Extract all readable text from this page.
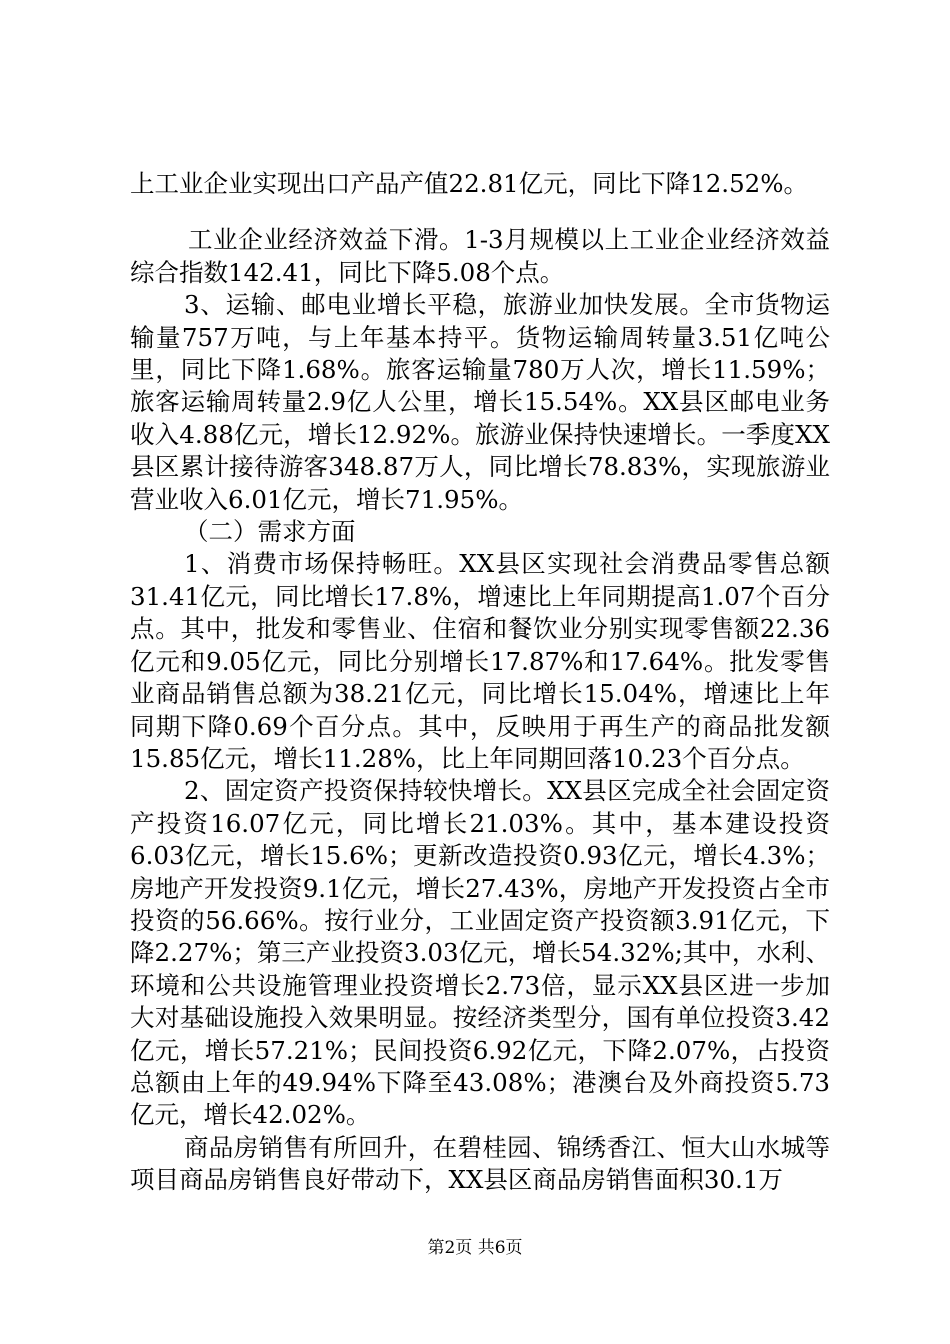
上工业企业实现出口产品产值22.81亿元，同比下降12.52%。

工业企业经济效益下滑。1-3月规模以上工业企业经济效益综合指数142.41，同比下降5.08个点。

3、运输、邮电业增长平稳，旅游业加快发展。全市货物运输量757万吨，与上年基本持平。货物运输周转量3.51亿吨公里，同比下降1.68%。旅客运输量780万人次，增长11.59%；旅客运输周转量2.9亿人公里，增长15.54%。XX县区邮电业务收入4.88亿元，增长12.92%。旅游业保持快速增长。一季度XX县区累计接待游客348.87万人，同比增长78.83%，实现旅游业营业收入6.01亿元，增长71.95%。

（二）需求方面

1、消费市场保持畅旺。XX县区实现社会消费品零售总额31.41亿元，同比增长17.8%，增速比上年同期提高1.07个百分点。其中，批发和零售业、住宿和餐饮业分别实现零售额22.36亿元和9.05亿元，同比分别增长17.87%和17.64%。批发零售业商品销售总额为38.21亿元，同比增长15.04%，增速比上年同期下降0.69个百分点。其中，反映用于再生产的商品批发额15.85亿元，增长11.28%，比上年同期回落10.23个百分点。

2、固定资产投资保持较快增长。XX县区完成全社会固定资产投资16.07亿元，同比增长21.03%。其中，基本建设投资6.03亿元，增长15.6%；更新改造投资0.93亿元，增长4.3%；房地产开发投资9.1亿元，增长27.43%，房地产开发投资占全市投资的56.66%。按行业分，工业固定资产投资额3.91亿元，下降2.27%；第三产业投资3.03亿元，增长54.32%;其中，水利、环境和公共设施管理业投资增长2.73倍，显示XX县区进一步加大对基础设施投入效果明显。按经济类型分，国有单位投资3.42亿元，增长57.21%；民间投资6.92亿元，下降2.07%，占投资总额由上年的49.94%下降至43.08%；港澳台及外商投资5.73亿元，增长42.02%。

商品房销售有所回升，在碧桂园、锦绣香江、恒大山水城等项目商品房销售良好带动下，XX县区商品房销售面积30.1万

第2页 共6页
